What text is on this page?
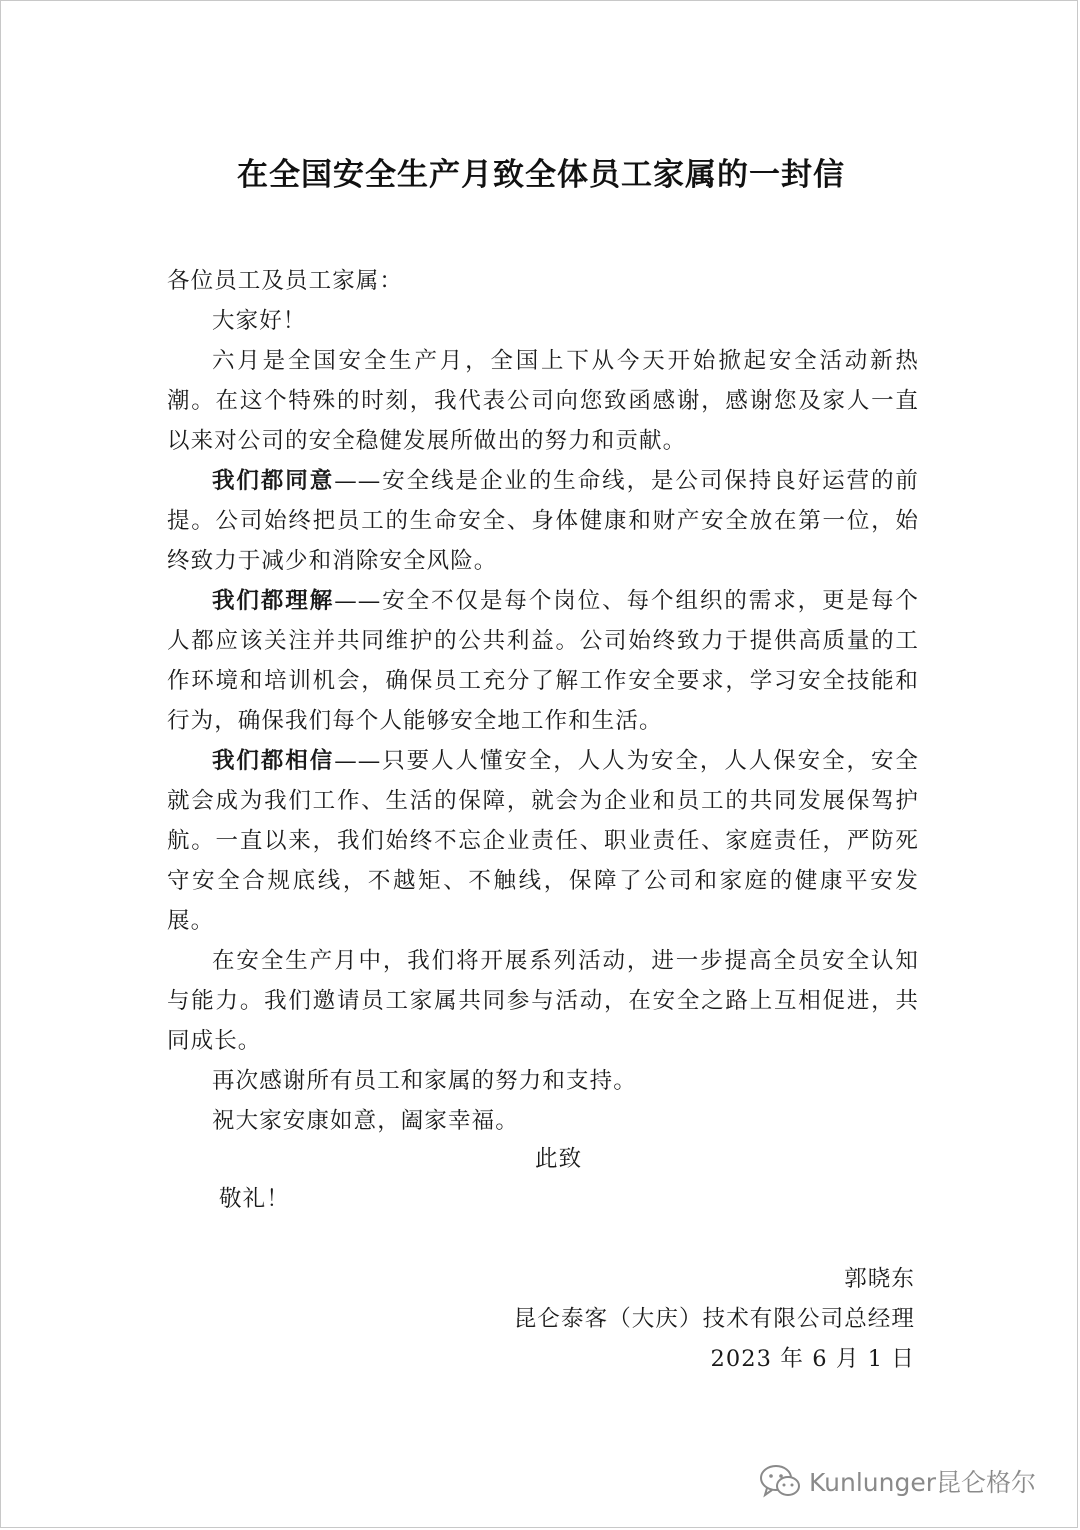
在全国安全生产月致全体员工家属的一封信

各位员工及员工家属：

大家好！

六月是全国安全生产月，全国上下从今天开始掀起安全活动新热潮。在这个特殊的时刻，我代表公司向您致函感谢，感谢您及家人一直以来对公司的安全稳健发展所做出的努力和贡献。

我们都同意——安全线是企业的生命线，是公司保持良好运营的前提。公司始终把员工的生命安全、身体健康和财产安全放在第一位，始终致力于减少和消除安全风险。

我们都理解——安全不仅是每个岗位、每个组织的需求，更是每个人都应该关注并共同维护的公共利益。公司始终致力于提供高质量的工作环境和培训机会，确保员工充分了解工作安全要求，学习安全技能和行为，确保我们每个人能够安全地工作和生活。

我们都相信——只要人人懂安全，人人为安全，人人保安全，安全就会成为我们工作、生活的保障，就会为企业和员工的共同发展保驾护航。一直以来，我们始终不忘企业责任、职业责任、家庭责任，严防死守安全合规底线，不越矩、不触线，保障了公司和家庭的健康平安发展。

在安全生产月中，我们将开展系列活动，进一步提高全员安全认知与能力。我们邀请员工家属共同参与活动，在安全之路上互相促进，共同成长。

再次感谢所有员工和家属的努力和支持。

祝大家安康如意，阖家幸福。

此致
敬礼！
郭晓东
昆仑泰客（大庆）技术有限公司总经理
2023 年 6 月 1 日
Kunlunger昆仑格尔
